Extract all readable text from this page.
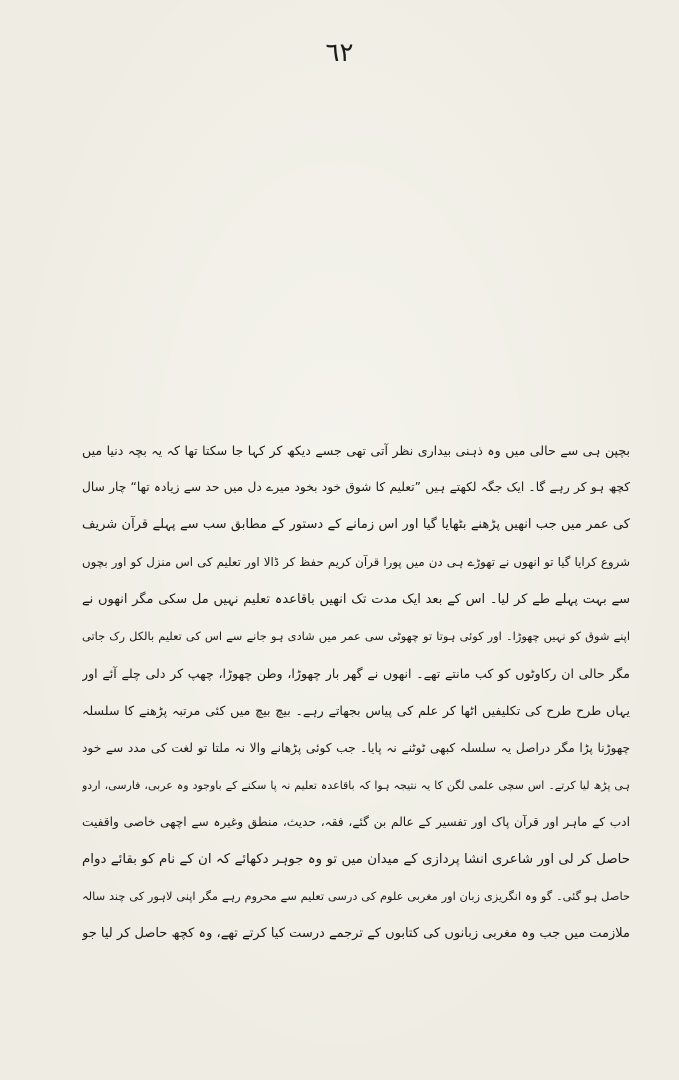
٦٢
بچپن ہی سے حالی میں وہ ذہنی بیداری نظر آتی تھی جسے دیکھ کر کہا جا سکتا تھا کہ یہ بچہ دنیا میں
کچھ ہو کر رہے گا۔ ایک جگہ لکھتے ہیں ”تعلیم کا شوق خود بخود میرے دل میں حد سے زیادہ تھا“ چار سال
کی عمر میں جب انھیں پڑھنے بٹھایا گیا اور اس زمانے کے دستور کے مطابق سب سے پہلے قرآن شریف
شروع کرایا گیا تو انھوں نے تھوڑے ہی دن میں پورا قرآن کریم حفظ کر ڈالا اور تعلیم کی اس منزل کو اور بچوں
سے بہت پہلے طے کر لیا۔ اس کے بعد ایک مدت تک انھیں باقاعدہ تعلیم نہیں مل سکی مگر انھوں نے
اپنے شوق کو نہیں چھوڑا۔ اور کوئی ہوتا تو چھوٹی سی عمر میں شادی ہو جانے سے اس کی تعلیم بالکل رک جاتی
مگر حالی ان رکاوٹوں کو کب مانتے تھے۔ انھوں نے گھر بار چھوڑا، وطن چھوڑا، چھپ کر دلی چلے آئے اور
یہاں طرح طرح کی تکلیفیں اٹھا کر علم کی پیاس بجھاتے رہے۔ بیچ بیچ میں کئی مرتبہ پڑھنے کا سلسلہ
چھوڑنا پڑا مگر دراصل یہ سلسلہ کبھی ٹوٹنے نہ پایا۔ جب کوئی پڑھانے والا نہ ملتا تو لغت کی مدد سے خود
ہی پڑھ لیا کرتے۔ اس سچی علمی لگن کا یہ نتیجہ ہوا کہ باقاعدہ تعلیم نہ پا سکنے کے باوجود وہ عربی، فارسی، اردو
ادب کے ماہر اور قرآن پاک اور تفسیر کے عالم بن گئے، فقہ، حدیث، منطق وغیرہ سے اچھی خاصی واقفیت
حاصل کر لی اور شاعری انشا پردازی کے میدان میں تو وہ جوہر دکھائے کہ ان کے نام کو بقائے دوام
حاصل ہو گئی۔ گو وہ انگریزی زبان اور مغربی علوم کی درسی تعلیم سے محروم رہے مگر اپنی لاہور کی چند سالہ
ملازمت میں جب وہ مغربی زبانوں کی کتابوں کے ترجمے درست کیا کرتے تھے، وہ کچھ حاصل کر لیا جو
